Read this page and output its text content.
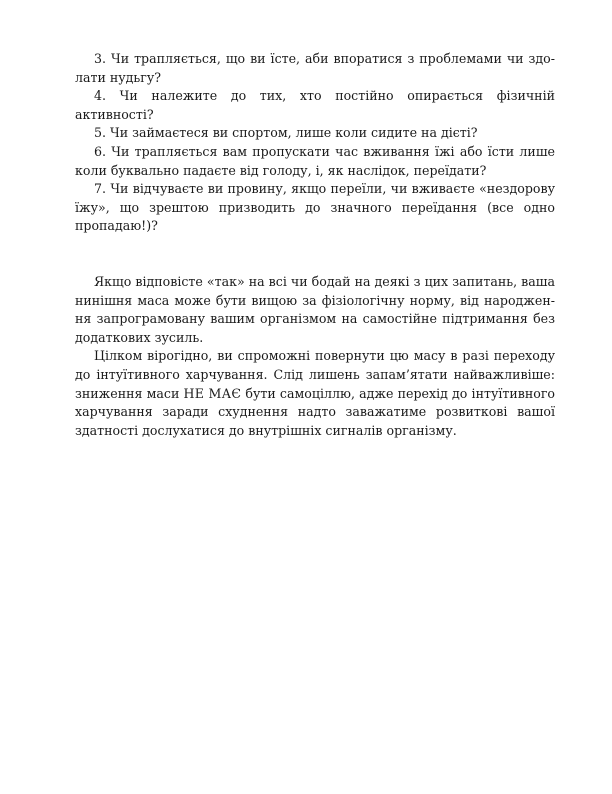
3. Чи трапляється, що ви їсте, аби впоратися з проблемами чи здолати нудьгу?

4. Чи належите до тих, хто постійно опирається фізичній активності?

5. Чи займаєтеся ви спортом, лише коли сидите на дієті?

6. Чи трапляється вам пропускати час вживання їжі або їсти лише коли буквально падаєте від голоду, і, як наслідок, переїдати?

7. Чи відчуваєте ви провину, якщо переїли, чи вживаєте «нездорову їжу», що зрештою призводить до значного переїдання (все одно пропадаю!)?

Якщо відповісте «так» на всі чи бодай на деякі з цих запитань, ваша нинішня маса може бути вищою за фізіологічну норму, від народження запрограмовану вашим організмом на самостійне підтримання без додаткових зусиль.

Цілком вірогідно, ви спроможні повернути цю масу в разі переходу до інтуїтивного харчування. Слід лишень запам’ятати найважливіше: зниження маси НЕ МАЄ бути самоціллю, адже перехід до інтуїтивного харчування заради схуднення надто заважатиме розвиткові вашої здатності дослухатися до внутрішніх сигналів організму.
